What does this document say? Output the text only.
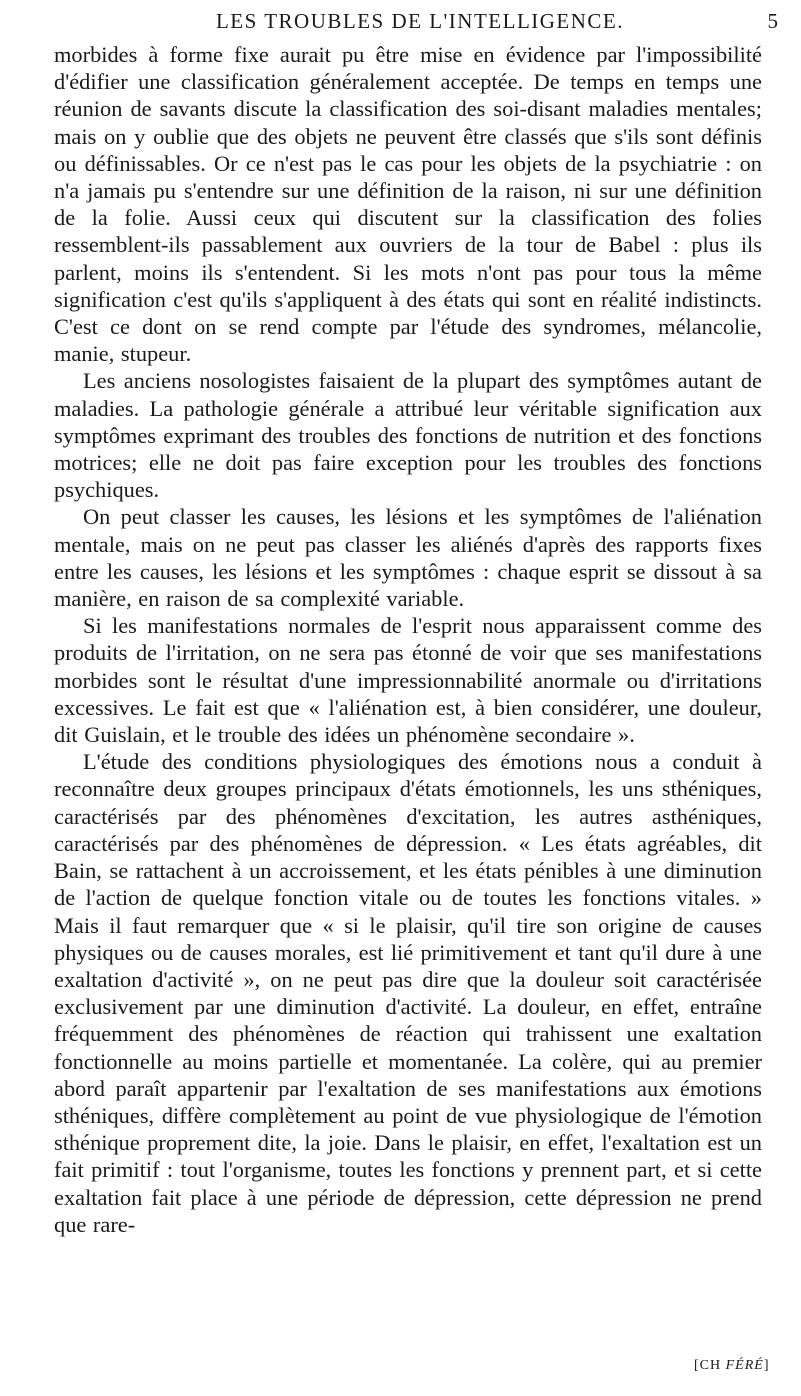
LES TROUBLES DE L'INTELLIGENCE.	5

morbides à forme fixe aurait pu être mise en évidence par l'impossibilité d'édifier une classification généralement acceptée. De temps en temps une réunion de savants discute la classification des soi-disant maladies mentales; mais on y oublie que des objets ne peuvent être classés que s'ils sont définis ou définissables. Or ce n'est pas le cas pour les objets de la psychiatrie : on n'a jamais pu s'entendre sur une définition de la raison, ni sur une définition de la folie. Aussi ceux qui discutent sur la classification des folies ressemblent-ils passablement aux ouvriers de la tour de Babel : plus ils parlent, moins ils s'entendent. Si les mots n'ont pas pour tous la même signification c'est qu'ils s'appliquent à des états qui sont en réalité indistincts. C'est ce dont on se rend compte par l'étude des syndromes, mélancolie, manie, stupeur.

Les anciens nosologistes faisaient de la plupart des symptômes autant de maladies. La pathologie générale a attribué leur véritable signification aux symptômes exprimant des troubles des fonctions de nutrition et des fonctions motrices; elle ne doit pas faire exception pour les troubles des fonctions psychiques.

On peut classer les causes, les lésions et les symptômes de l'aliénation mentale, mais on ne peut pas classer les aliénés d'après des rapports fixes entre les causes, les lésions et les symptômes : chaque esprit se dissout à sa manière, en raison de sa complexité variable.

Si les manifestations normales de l'esprit nous apparaissent comme des produits de l'irritation, on ne sera pas étonné de voir que ses manifestations morbides sont le résultat d'une impressionnabilité anormale ou d'irritations excessives. Le fait est que « l'aliénation est, à bien considérer, une douleur, dit Guislain, et le trouble des idées un phénomène secondaire ».

L'étude des conditions physiologiques des émotions nous a conduit à reconnaître deux groupes principaux d'états émotionnels, les uns sthéniques, caractérisés par des phénomènes d'excitation, les autres asthéniques, caractérisés par des phénomènes de dépression. « Les états agréables, dit Bain, se rattachent à un accroissement, et les états pénibles à une diminution de l'action de quelque fonction vitale ou de toutes les fonctions vitales. » Mais il faut remarquer que « si le plaisir, qu'il tire son origine de causes physiques ou de causes morales, est lié primitivement et tant qu'il dure à une exaltation d'activité », on ne peut pas dire que la douleur soit caractérisée exclusivement par une diminution d'activité. La douleur, en effet, entraîne fréquemment des phénomènes de réaction qui trahissent une exaltation fonctionnelle au moins partielle et momentanée. La colère, qui au premier abord paraît appartenir par l'exaltation de ses manifestations aux émotions sthéniques, diffère complètement au point de vue physiologique de l'émotion sthénique proprement dite, la joie. Dans le plaisir, en effet, l'exaltation est un fait primitif : tout l'organisme, toutes les fonctions y prennent part, et si cette exaltation fait place à une période de dépression, cette dépression ne prend que rare-

[CH FÉRÉ]
